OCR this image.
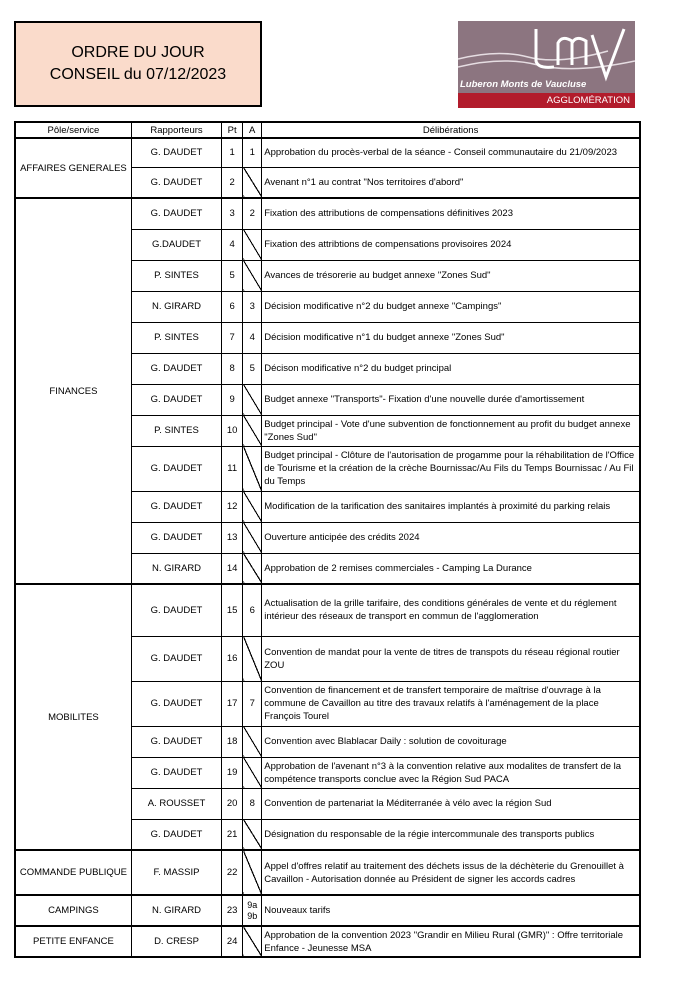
ORDRE DU JOUR
CONSEIL du 07/12/2023
Luberon Monts de Vaucluse
AGGLOMÉRATION
Pôle/service	Rapporteurs	Pt	A	Délibérations
AFFAIRES GENERALES	G. DAUDET	1	1	Approbation du procès-verbal de la séance - Conseil communautaire du 21/09/2023
	G. DAUDET	2		Avenant n°1 au contrat "Nos territoires d'abord"
FINANCES	G. DAUDET	3	2	Fixation des attributions de compensations définitives 2023
	G.DAUDET	4		Fixation des attribtions de compensations provisoires 2024
	P. SINTES	5		Avances de trésorerie au budget annexe "Zones Sud"
	N. GIRARD	6	3	Décision modificative n°2 du budget annexe "Campings"
	P. SINTES	7	4	Décision modificative n°1 du budget annexe "Zones Sud"
	G. DAUDET	8	5	Décison modificative n°2 du budget principal
	G. DAUDET	9		Budget annexe "Transports"- Fixation d'une nouvelle durée d'amortissement
	P. SINTES	10		Budget principal - Vote d'une subvention de fonctionnement au profit du budget annexe "Zones Sud"
	G. DAUDET	11		Budget principal - Clôture de l'autorisation de progamme pour la réhabilitation de l'Office de Tourisme et la création de la crèche Bournissac/Au Fils du Temps Bournissac / Au Fil du Temps
	G. DAUDET	12		Modification de la tarification des sanitaires implantés à proximité du parking relais
	G. DAUDET	13		Ouverture anticipée des crédits 2024
	N. GIRARD	14		Approbation de 2 remises commerciales - Camping La Durance
MOBILITES	G. DAUDET	15	6	Actualisation de la grille tarifaire, des conditions générales de vente et du réglement intérieur des réseaux de transport en commun de l'agglomeration
	G. DAUDET	16		Convention de mandat pour la vente de titres de transpots du réseau régional routier ZOU
	G. DAUDET	17	7	Convention de financement et de transfert temporaire de maîtrise d'ouvrage à la commune de Cavaillon au titre des travaux relatifs à l'aménagement de la place François Tourel
	G. DAUDET	18		Convention avec Blablacar Daily : solution de covoiturage
	G. DAUDET	19		Approbation de l'avenant n°3 à la convention relative aux modalites de transfert de la compétence transports conclue avec la Région Sud PACA
	A. ROUSSET	20	8	Convention de partenariat la Méditerranée à vélo avec la région Sud
	G. DAUDET	21		Désignation du responsable de la régie intercommunale des transports publics
COMMANDE PUBLIQUE	F. MASSIP	22		Appel d'offres relatif au traitement des déchets issus de la déchèterie du Grenouillet à Cavaillon - Autorisation donnée au Président de signer les accords cadres
CAMPINGS	N. GIRARD	23	9a 9b	Nouveaux tarifs
PETITE ENFANCE	D. CRESP	24		Approbation de la convention 2023 "Grandir en Milieu Rural (GMR)" : Offre territoriale Enfance - Jeunesse MSA
